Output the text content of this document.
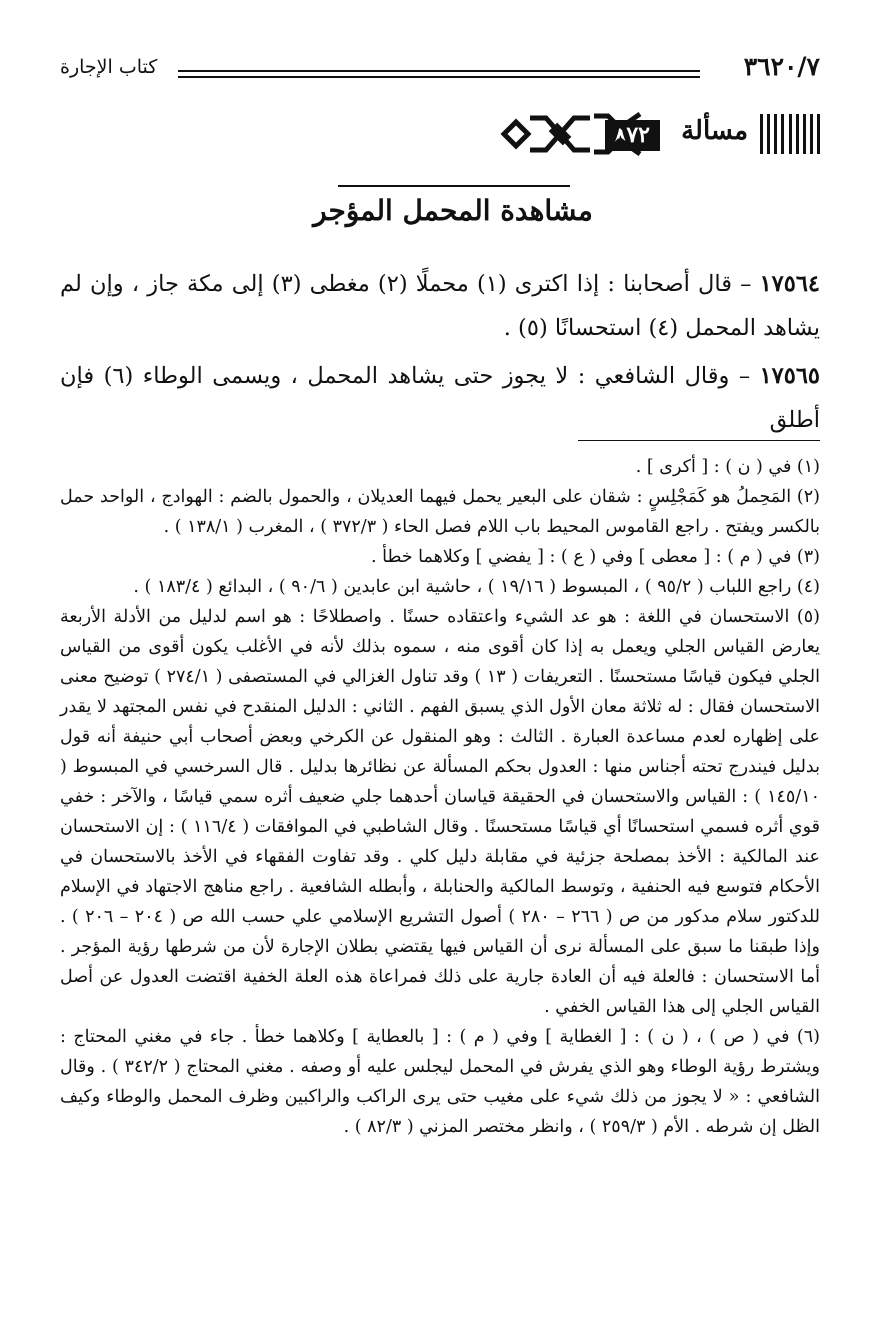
٣٦٢٠/٧
كتاب الإجارة
مسألة
٨٧٢
مشاهدة المحمل المؤجر

١٧٥٦٤ – قال أصحابنا : إذا اكترى (١) محملًا (٢) مغطى (٣) إلى مكة جاز ، وإن لم يشاهد المحمل (٤) استحسانًا (٥) .

١٧٥٦٥ – وقال الشافعي : لا يجوز حتى يشاهد المحمل ، ويسمى الوطاء (٦) فإن أطلق

(١) في ( ن ) : [ أكرى ] .

(٢) المَحِملُ هو كَمَجْلِسٍ : شقان على البعير يحمل فيهما العديلان ، والحمول بالضم : الهوادج ، الواحد حمل بالكسر ويفتح . راجع القاموس المحيط باب اللام فصل الحاء ( ٣٧٢/٣ ) ، المغرب ( ١٣٨/١ ) .

(٣) في ( م ) : [ معطى ] وفي ( ع ) : [ يفضي ] وكلاهما خطأ .

(٤) راجع اللباب ( ٩٥/٢ ) ، المبسوط ( ١٩/١٦ ) ، حاشية ابن عابدين ( ٩٠/٦ ) ، البدائع ( ١٨٣/٤ ) .

(٥) الاستحسان في اللغة : هو عد الشيء واعتقاده حسنًا . واصطلاحًا : هو اسم لدليل من الأدلة الأربعة يعارض القياس الجلي ويعمل به إذا كان أقوى منه ، سموه بذلك لأنه في الأغلب يكون أقوى من القياس الجلي فيكون قياسًا مستحسنًا . التعريفات ( ١٣ ) وقد تناول الغزالي في المستصفى ( ٢٧٤/١ ) توضيح معنى الاستحسان فقال : له ثلاثة معان الأول الذي يسبق الفهم . الثاني : الدليل المنقدح في نفس المجتهد لا يقدر على إظهاره لعدم مساعدة العبارة . الثالث : وهو المنقول عن الكرخي وبعض أصحاب أبي حنيفة أنه قول بدليل فيندرج تحته أجناس منها : العدول بحكم المسألة عن نظائرها بدليل . قال السرخسي في المبسوط ( ١٤٥/١٠ ) : القياس والاستحسان في الحقيقة قياسان أحدهما جلي ضعيف أثره سمي قياسًا ، والآخر : خفي قوي أثره فسمي استحسانًا أي قياسًا مستحسنًا . وقال الشاطبي في الموافقات ( ١١٦/٤ ) : إن الاستحسان عند المالكية : الأخذ بمصلحة جزئية في مقابلة دليل كلي . وقد تفاوت الفقهاء في الأخذ بالاستحسان في الأحكام فتوسع فيه الحنفية ، وتوسط المالكية والحنابلة ، وأبطله الشافعية . راجع مناهج الاجتهاد في الإسلام للدكتور سلام مدكور من ص ( ٢٦٦ – ٢٨٠ ) أصول التشريع الإسلامي علي حسب الله ص ( ٢٠٤ – ٢٠٦ ) . وإذا طبقنا ما سبق على المسألة نرى أن القياس فيها يقتضي بطلان الإجارة لأن من شرطها رؤية المؤجر . أما الاستحسان : فالعلة فيه أن العادة جارية على ذلك فمراعاة هذه العلة الخفية اقتضت العدول عن أصل القياس الجلي إلى هذا القياس الخفي .

(٦) في ( ص ) ، ( ن ) : [ الغطاية ] وفي ( م ) : [ بالعطاية ] وكلاهما خطأ . جاء في مغني المحتاج : ويشترط رؤية الوطاء وهو الذي يفرش في المحمل ليجلس عليه أو وصفه . مغني المحتاج ( ٣٤٢/٢ ) . وقال الشافعي : « لا يجوز من ذلك شيء على مغيب حتى يرى الراكب والراكبين وظرف المحمل والوطاء وكيف الظل إن شرطه . الأم ( ٢٥٩/٣ ) ، وانظر مختصر المزني ( ٨٢/٣ ) .
